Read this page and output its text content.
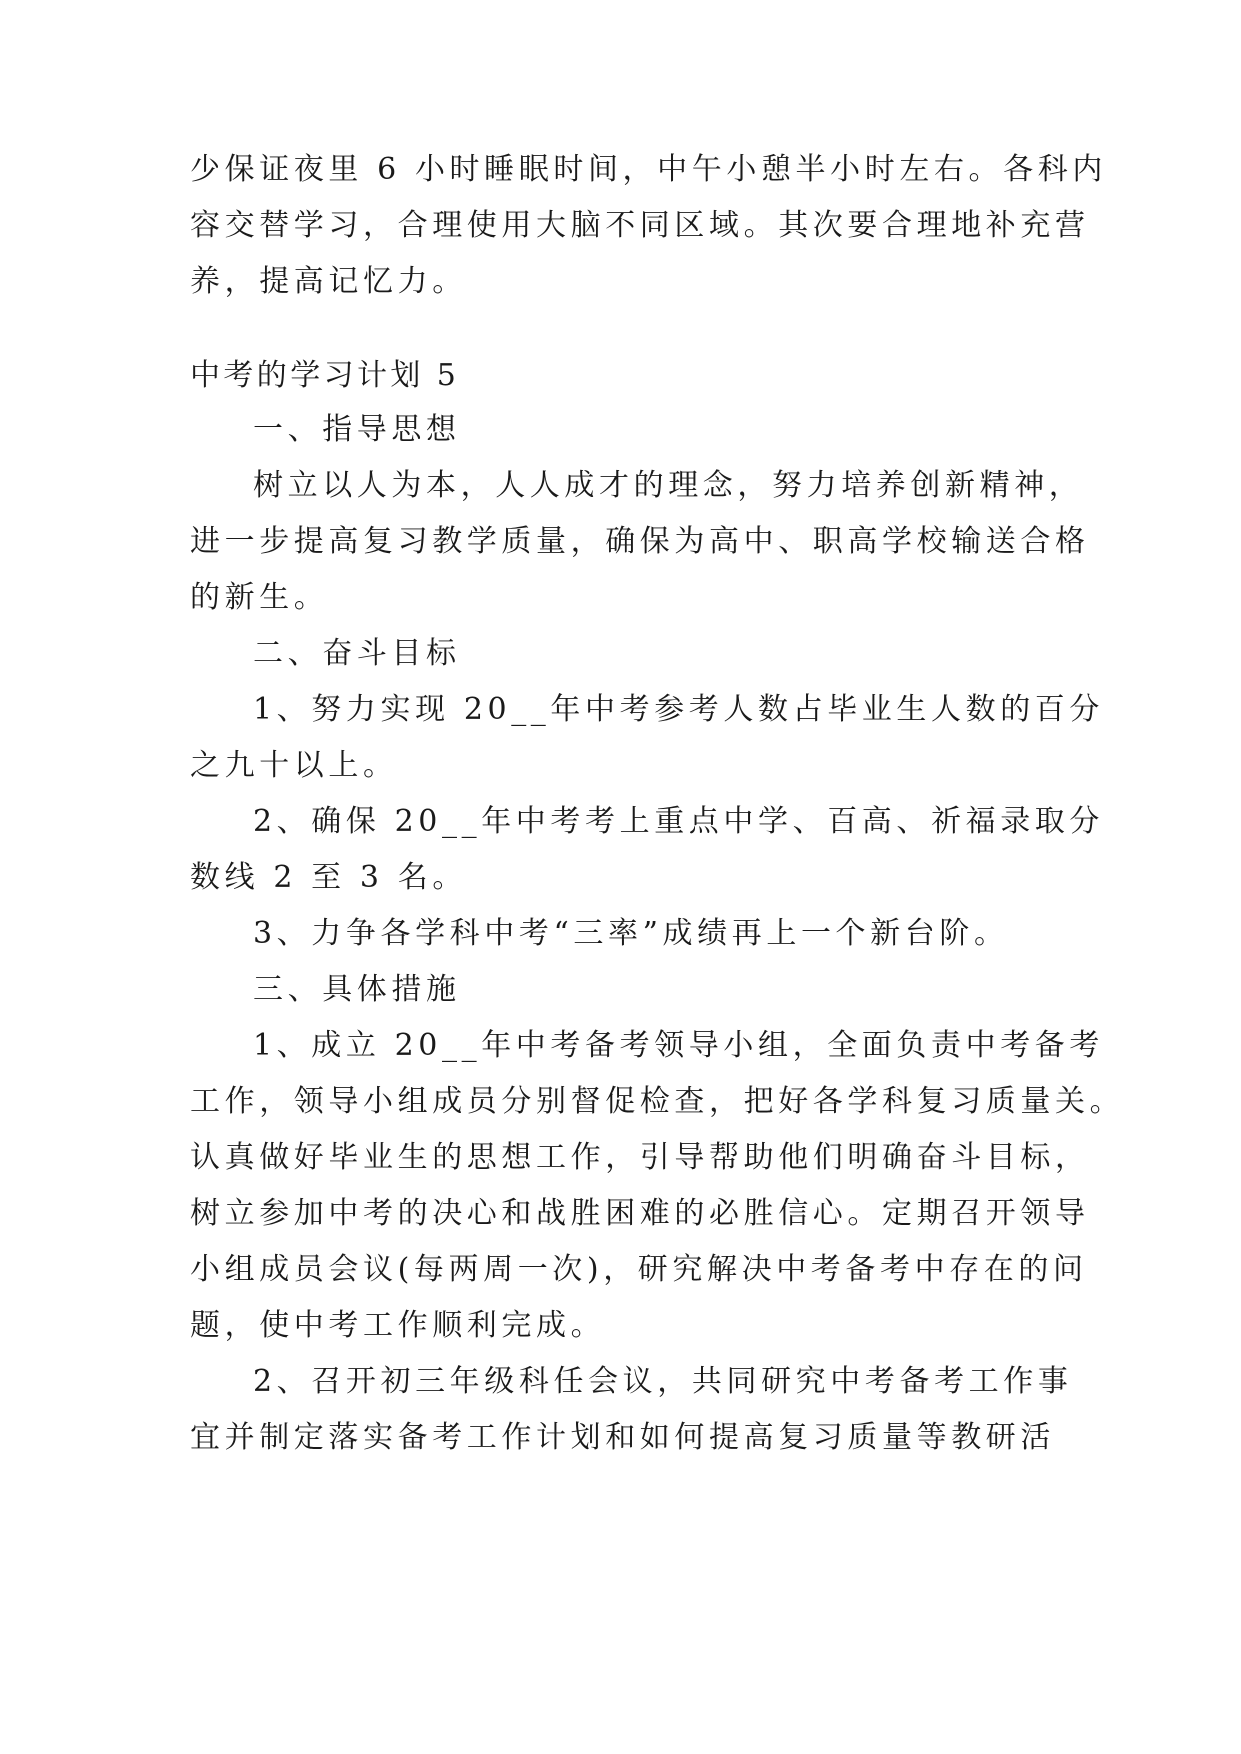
少保证夜里 6 小时睡眠时间，中午小憩半小时左右。各科内
容交替学习，合理使用大脑不同区域。其次要合理地补充营
养，提高记忆力。
中考的学习计划 5
一、指导思想
树立以人为本，人人成才的理念，努力培养创新精神，
进一步提高复习教学质量，确保为高中、职高学校输送合格
的新生。
二、奋斗目标
1、努力实现 20__年中考参考人数占毕业生人数的百分
之九十以上。
2、确保 20__年中考考上重点中学、百高、祈福录取分
数线 2 至 3 名。
3、力争各学科中考“三率”成绩再上一个新台阶。
三、具体措施
1、成立 20__年中考备考领导小组，全面负责中考备考
工作，领导小组成员分别督促检查，把好各学科复习质量关。
认真做好毕业生的思想工作，引导帮助他们明确奋斗目标，
树立参加中考的决心和战胜困难的必胜信心。定期召开领导
小组成员会议(每两周一次)，研究解决中考备考中存在的问
题，使中考工作顺利完成。
2、召开初三年级科任会议，共同研究中考备考工作事
宜并制定落实备考工作计划和如何提高复习质量等教研活
